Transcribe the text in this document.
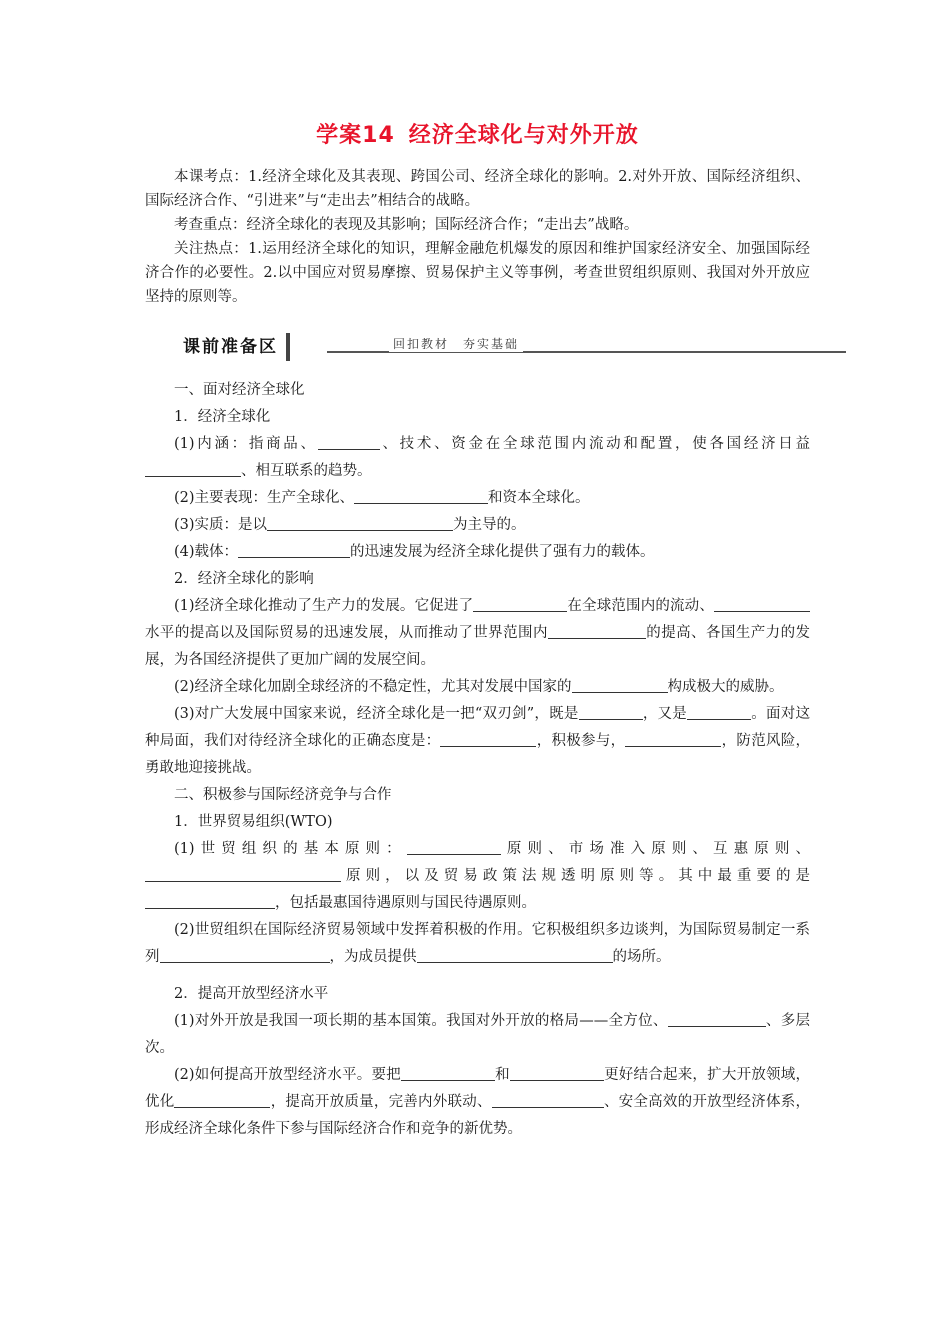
学案14 经济全球化与对外开放

本课考点：1.经济全球化及其表现、跨国公司、经济全球化的影响。2.对外开放、国际经济组织、国际经济合作、“引进来”与“走出去”相结合的战略。

考查重点：经济全球化的表现及其影响；国际经济合作；“走出去”战略。

关注热点：1.运用经济全球化的知识，理解金融危机爆发的原因和维护国家经济安全、加强国际经济合作的必要性。2.以中国应对贸易摩擦、贸易保护主义等事例，考查世贸组织原则、我国对外开放应坚持的原则等。

课前准备区	回扣教材　夯实基础

一、面对经济全球化

1．经济全球化

(1)内涵：指商品、	、技术、资金在全球范围内流动和配置，使各国经济日益、相互联系的趋势。

(2)主要表现：生产全球化、	和资本全球化。

(3)实质：是以	为主导的。

(4)载体：	的迅速发展为经济全球化提供了强有力的载体。

2．经济全球化的影响

(1)经济全球化推动了生产力的发展。它促进了	在全球范围内的流动、水平的提高以及国际贸易的迅速发展，从而推动了世界范围内	的提高、各国生产力的发展，为各国经济提供了更加广阔的发展空间。

(2)经济全球化加剧全球经济的不稳定性，尤其对发展中国家的	构成极大的威胁。

(3)对广大发展中国家来说，经济全球化是一把“双刃剑”，既是	，又是	。面对这种局面，我们对待经济全球化的正确态度是：	，积极参与，	，防范风险，勇敢地迎接挑战。

二、积极参与国际经济竞争与合作

1．世界贸易组织(WTO)

(1)世贸组织的基本原则：	原则、市场准入原则、互惠原则、原则，以及贸易政策法规透明原则等。其中最重要的是，包括最惠国待遇原则与国民待遇原则。

(2)世贸组织在国际经济贸易领域中发挥着积极的作用。它积极组织多边谈判，为国际贸易制定一系列	，为成员提供	的场所。

2．提高开放型经济水平

(1)对外开放是我国一项长期的基本国策。我国对外开放的格局——全方位、	、多层次。

(2)如何提高开放型经济水平。要把	和	更好结合起来，扩大开放领域，优化	，提高开放质量，完善内外联动、	、安全高效的开放型经济体系，形成经济全球化条件下参与国际经济合作和竞争的新优势。
